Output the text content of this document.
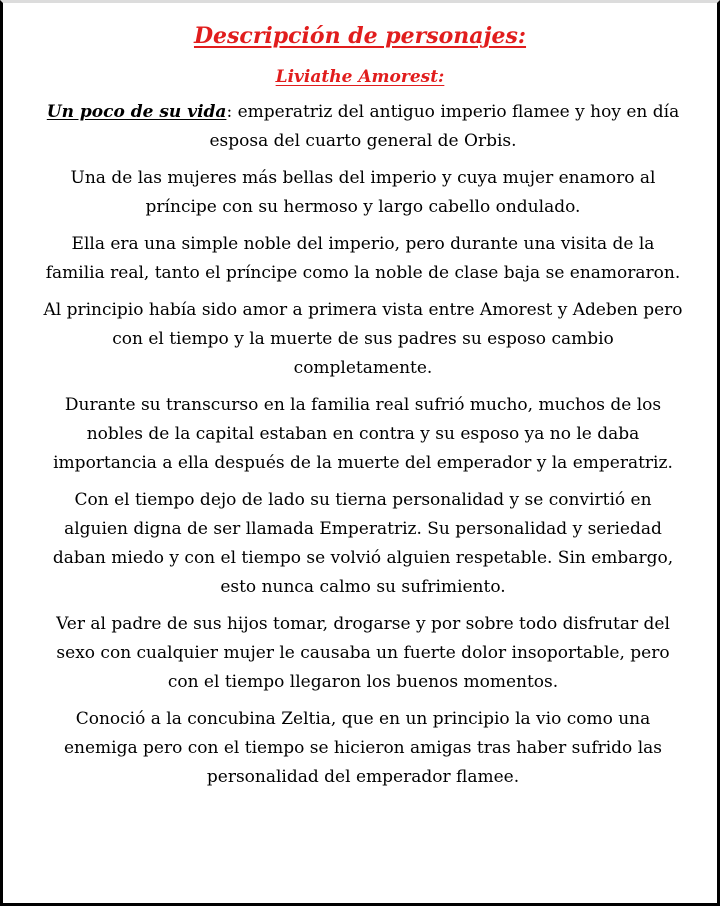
Descripción de personajes:
Liviathe Amorest:

Un poco de su vida: emperatriz del antiguo imperio flamee y hoy en día esposa del cuarto general de Orbis.

Una de las mujeres más bellas del imperio y cuya mujer enamoro al príncipe con su hermoso y largo cabello ondulado.

Ella era una simple noble del imperio, pero durante una visita de la familia real, tanto el príncipe como la noble de clase baja se enamoraron.

Al principio había sido amor a primera vista entre Amorest y Adeben pero con el tiempo y la muerte de sus padres su esposo cambio completamente.

Durante su transcurso en la familia real sufrió mucho, muchos de los nobles de la capital estaban en contra y su esposo ya no le daba importancia a ella después de la muerte del emperador y la emperatriz.

Con el tiempo dejo de lado su tierna personalidad y se convirtió en alguien digna de ser llamada Emperatriz. Su personalidad y seriedad daban miedo y con el tiempo se volvió alguien respetable. Sin embargo, esto nunca calmo su sufrimiento.

Ver al padre de sus hijos tomar, drogarse y por sobre todo disfrutar del sexo con cualquier mujer le causaba un fuerte dolor insoportable, pero con el tiempo llegaron los buenos momentos.

Conoció a la concubina Zeltia, que en un principio la vio como una enemiga pero con el tiempo se hicieron amigas tras haber sufrido las personalidad del emperador flamee.
